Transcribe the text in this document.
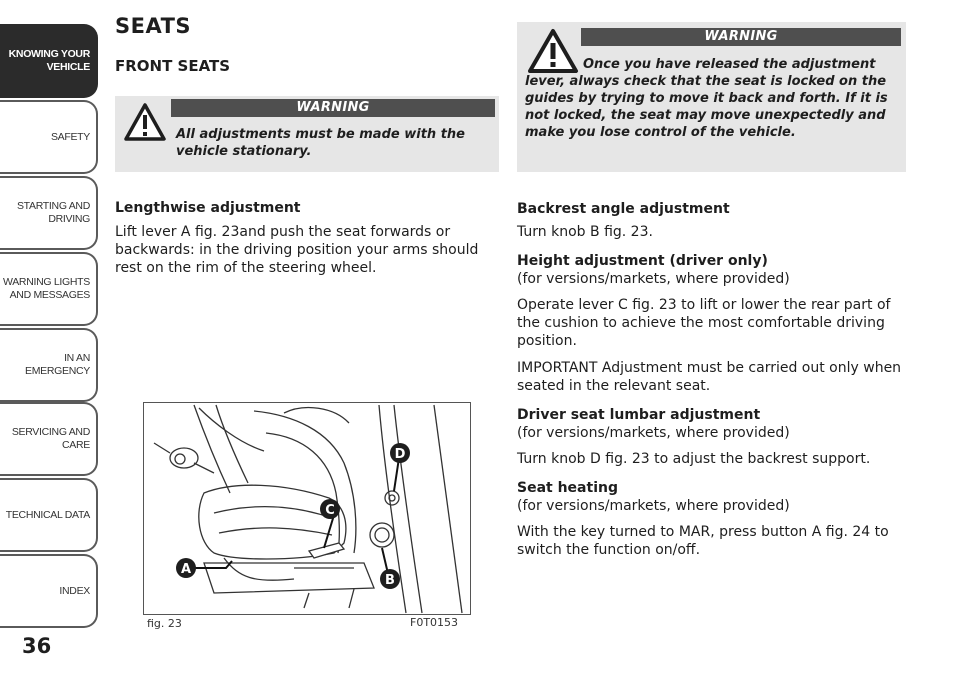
KNOWING YOUR
VEHICLE
SAFETY
STARTING AND
DRIVING
WARNING LIGHTS
AND MESSAGES
IN AN EMERGENCY
SERVICING AND
CARE
TECHNICAL DATA
INDEX
36
SEATS
FRONT SEATS
WARNING
All adjustments must be made with the vehicle stationary.

Lengthwise adjustment

Lift lever A fig. 23and push the seat forwards or backwards: in the driving position your arms should rest on the rim of the steering wheel.

A
B
C
D
fig. 23	F0T0153
WARNING
Once you have released the adjustment lever, always check that the seat is locked on the guides by trying to move it back and forth. If it is not locked, the seat may move unexpectedly and make you lose control of the vehicle.

Backrest angle adjustment

Turn knob B fig. 23.

Height adjustment (driver only)

(for versions/markets, where provided)

Operate lever C fig. 23 to lift or lower the rear part of the cushion to achieve the most comfortable driving position.

IMPORTANT Adjustment must be carried out only when seated in the relevant seat.

Driver seat lumbar adjustment

(for versions/markets, where provided)

Turn knob D fig. 23 to adjust the backrest support.

Seat heating

(for versions/markets, where provided)

With the key turned to MAR, press button A fig. 24 to switch the function on/off.
